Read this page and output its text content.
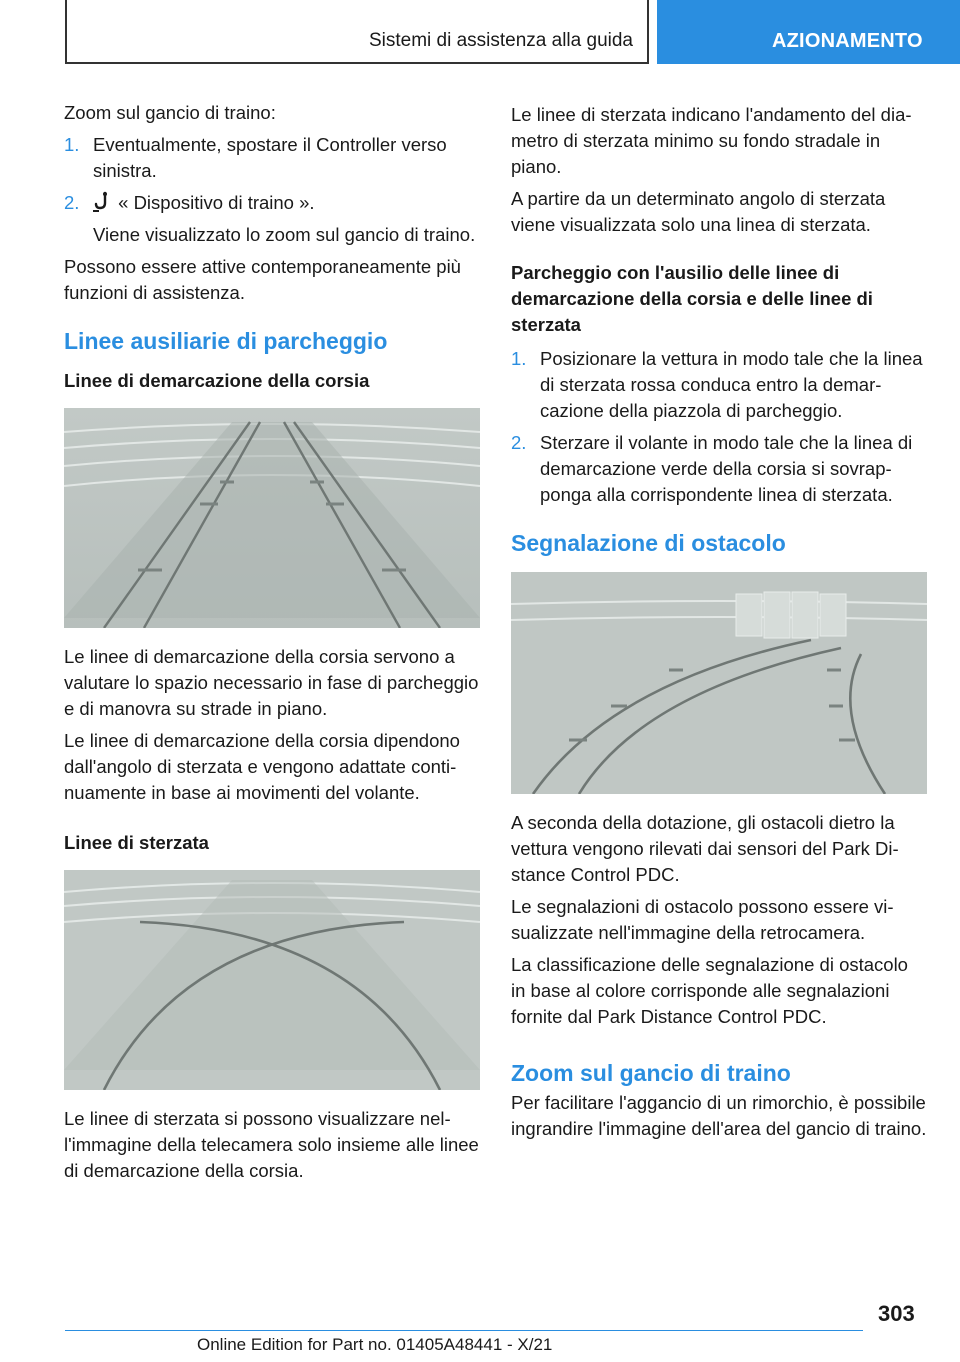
Sistemi di assistenza alla guida	AZIONAMENTO

Zoom sul gancio di traino:

1. Eventualmente, spostare il Controller verso sinistra.
2.	« Dispositivo di traino ».
Viene visualizzato lo zoom sul gancio di traino.

Possono essere attive contemporaneamente più funzioni di assistenza.

Linee ausiliarie di parcheggio
Linee di demarcazione della corsia

Le linee di demarcazione della corsia servono a valutare lo spazio necessario in fase di parcheggio e di manovra su strade in piano.

Le linee di demarcazione della corsia dipendono dall'angolo di sterzata e vengono adattate continuamente in base ai movimenti del volante.

Linee di sterzata

Le linee di sterzata si possono visualizzare nell'immagine della telecamera solo insieme alle linee di demarcazione della corsia.

Le linee di sterzata indicano l'andamento del diametro di sterzata minimo su fondo stradale in piano.

A partire da un determinato angolo di sterzata viene visualizzata solo una linea di sterzata.

Parcheggio con l'ausilio delle linee di demarcazione della corsia e delle linee di sterzata
1. Posizionare la vettura in modo tale che la linea di sterzata rossa conduca entro la demarcazione della piazzola di parcheggio.
2. Sterzare il volante in modo tale che la linea di demarcazione verde della corsia si sovrapponga alla corrispondente linea di sterzata.
Segnalazione di ostacolo

A seconda della dotazione, gli ostacoli dietro la vettura vengono rilevati dai sensori del Park Distance Control PDC.

Le segnalazioni di ostacolo possono essere visualizzate nell'immagine della retrocamera.

La classificazione delle segnalazione di ostacolo in base al colore corrisponde alle segnalazioni fornite dal Park Distance Control PDC.

Zoom sul gancio di traino

Per facilitare l'aggancio di un rimorchio, è possibile ingrandire l'immagine dell'area del gancio di traino.

303
Online Edition for Part no. 01405A48441 - X/21
